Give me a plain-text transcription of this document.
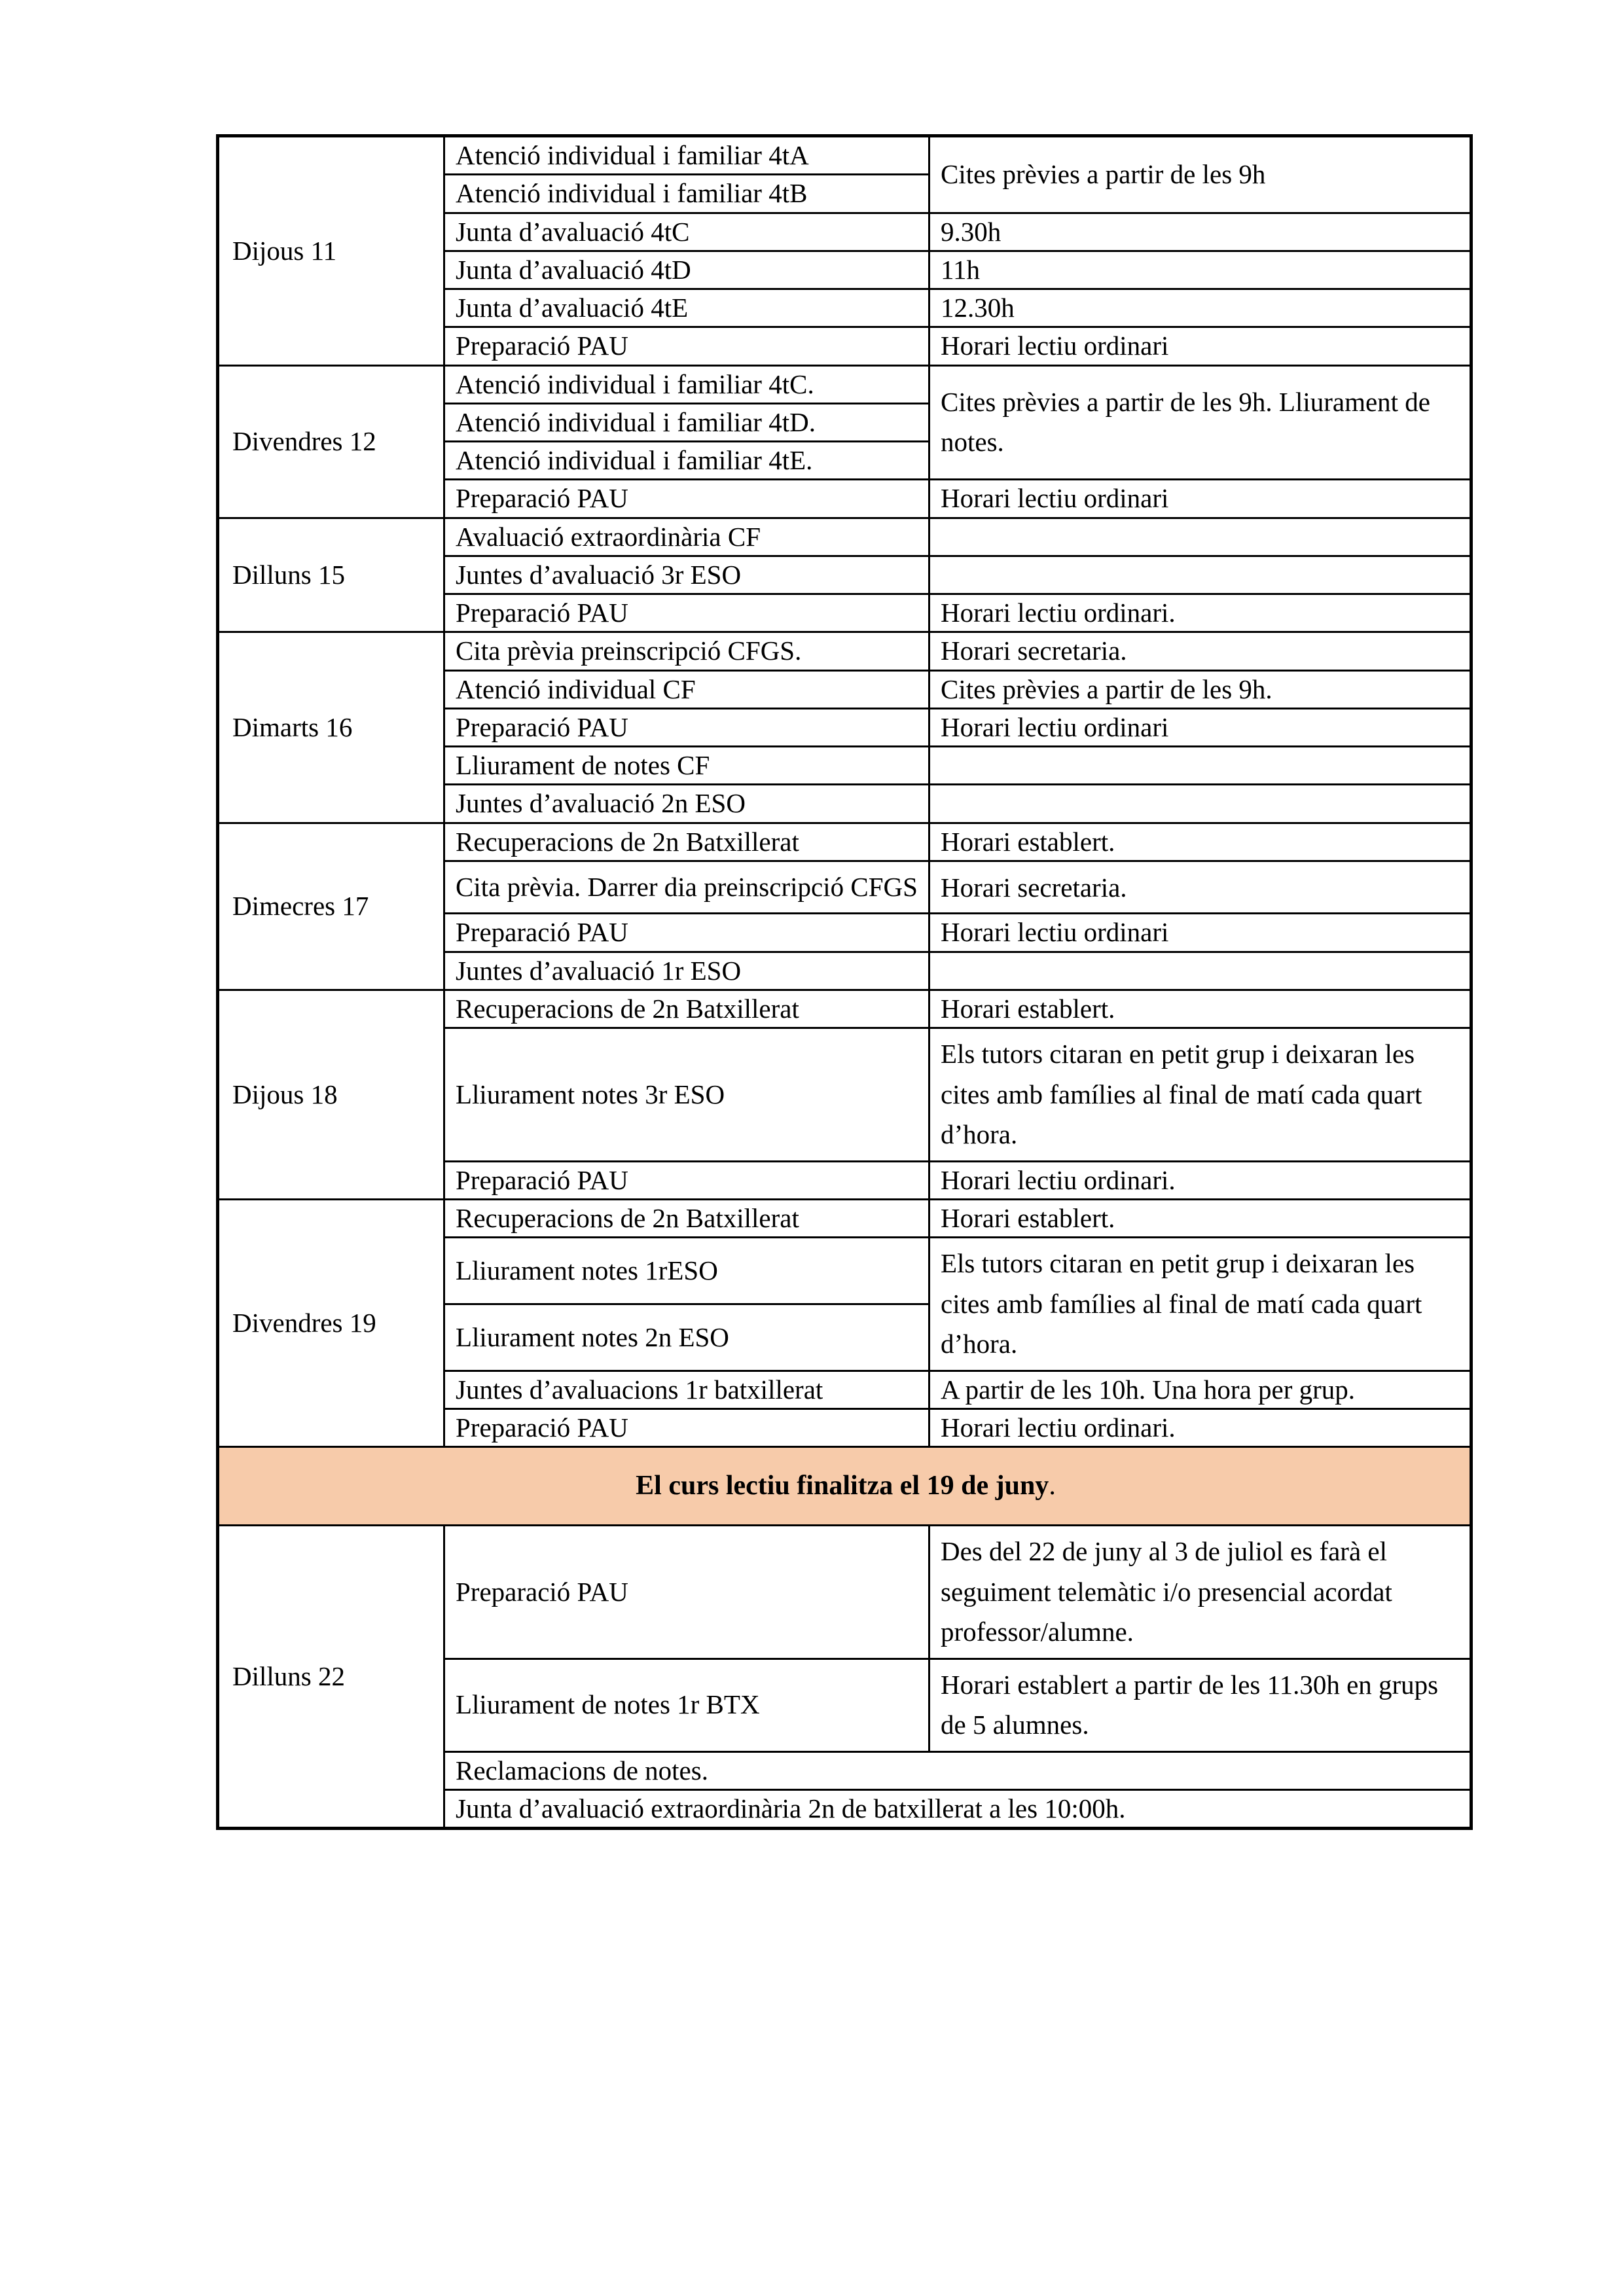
Dijous 11	Atenció individual i familiar 4tA	Cites prèvies a partir de les 9h
	Atenció individual i familiar 4tB	
	Junta d’avaluació 4tC	9.30h
	Junta d’avaluació 4tD	11h
	Junta d’avaluació 4tE	12.30h
	Preparació PAU	Horari lectiu ordinari
Divendres 12	Atenció individual i familiar 4tC.	Cites prèvies a partir de les 9h. Lliurament de notes.
	Atenció individual i familiar 4tD.	
	Atenció individual i familiar 4tE.	
	Preparació PAU	Horari lectiu ordinari
Dilluns 15	Avaluació extraordinària CF	
	Juntes d’avaluació 3r ESO	
	Preparació PAU	Horari lectiu ordinari.
Dimarts 16	Cita prèvia preinscripció CFGS.	Horari secretaria.
	Atenció individual CF	Cites prèvies a partir de les 9h.
	Preparació PAU	Horari lectiu ordinari
	Lliurament de notes CF	
	Juntes d’avaluació 2n ESO	
Dimecres 17	Recuperacions de 2n Batxillerat	Horari establert.
	Cita prèvia. Darrer dia preinscripció CFGS	Horari secretaria.
	Preparació PAU	Horari lectiu ordinari
	Juntes d’avaluació 1r ESO	
Dijous 18	Recuperacions de 2n Batxillerat	Horari establert.
	Lliurament notes 3r ESO	Els tutors citaran en petit grup i deixaran les cites amb famílies al final de matí cada quart d’hora.
	Preparació PAU	Horari lectiu ordinari.
Divendres 19	Recuperacions de 2n Batxillerat	Horari establert.
	Lliurament notes 1rESO	Els tutors citaran en petit grup i deixaran les cites amb famílies al final de matí cada quart d’hora.
	Lliurament notes 2n ESO	
	Juntes d’avaluacions 1r batxillerat	A partir de les 10h. Una hora per grup.
	Preparació PAU	Horari lectiu ordinari.
El curs lectiu finalitza el 19 de juny.		
Dilluns 22	Preparació PAU	Des del 22 de juny al 3 de juliol es farà el seguiment telemàtic i/o presencial acordat  professor/alumne.
	Lliurament de notes 1r BTX	Horari establert a partir de les 11.30h en grups de 5 alumnes.
	Reclamacions de notes.	
	Junta d’avaluació extraordinària 2n de batxillerat a les 10:00h.	
